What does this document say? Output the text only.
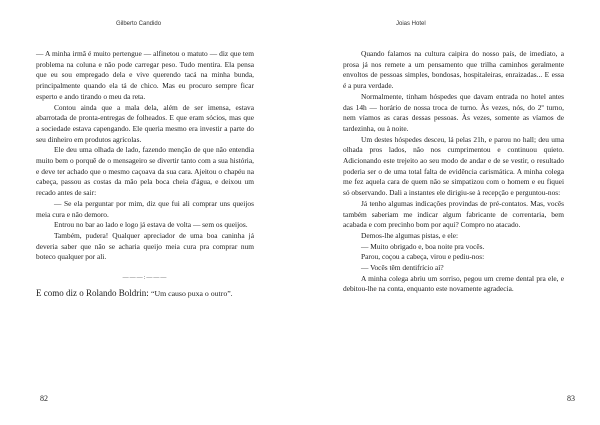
Gilberto Candido

— A minha irmã é muito pertengue — alfinetou o matuto — diz que tem problema na coluna e não pode carregar peso. Tudo mentira. Ela pensa que eu sou empregado dela e vive querendo tacá na minha bunda, principalmente quando ela tá de chico. Mas eu procuro sempre ficar esperto e ando tirando o meu da reta.

Contou ainda que a mala dela, além de ser imensa, estava abarrotada de pronta-entregas de folheados. E que eram sócios, mas que a sociedade estava capengando. Ele queria mesmo era investir a parte do seu dinheiro em produtos agrícolas.

Ele deu uma olhada de lado, fazendo menção de que não entendia muito bem o porquê de o mensageiro se divertir tanto com a sua história, e deve ter achado que o mesmo caçoava da sua cara. Ajeitou o chapéu na cabeça, passou as costas da mão pela boca cheia d'água, e deixou um recado antes de sair:

— Se ela perguntar por mim, diz que fui ali comprar uns queijos meia cura e não demoro.

Entrou no bar ao lado e logo já estava de volta — sem os queijos.

Também, pudera! Qualquer apreciador de uma boa caninha já deveria saber que não se acharia queijo meia cura pra comprar num boteco qualquer por ali.

———:———

E como diz o Rolando Boldrin: “Um causo puxa o outro”.

82
Joias Hotel

Quando falamos na cultura caipira do nosso país, de imediato, a prosa já nos remete a um pensamento que trilha caminhos geralmente envoltos de pessoas simples, bondosas, hospitaleiras, enraizadas... E essa é a pura verdade.

Normalmente, tinham hóspedes que davam entrada no hotel antes das 14h — horário de nossa troca de turno. Às vezes, nós, do 2º turno, nem víamos as caras dessas pessoas. Às vezes, somente as víamos de tardezinha, ou à noite.

Um destes hóspedes desceu, lá pelas 21h, e parou no hall; deu uma olhada pros lados, não nos cumprimentou e continuou quieto. Adicionando este trejeito ao seu modo de andar e de se vestir, o resultado poderia ser o de uma total falta de evidência carismática. A minha colega me fez aquela cara de quem não se simpatizou com o homem e eu fiquei só observando. Dali a instantes ele dirigiu-se à recepção e perguntou-nos:

Já tenho algumas indicações provindas de pré-contatos. Mas, vocês também saberiam me indicar algum fabricante de correntaria, bem acabada e com precinho bom por aqui? Compro no atacado.

Demos-lhe algumas pistas, e ele:

— Muito obrigado e, boa noite pra vocês.

Parou, coçou a cabeça, virou e pediu-nos:

— Vocês têm dentifrício aí?

A minha colega abriu um sorriso, pegou um creme dental pra ele, e debitou-lhe na conta, enquanto este novamente agradecia.

83
